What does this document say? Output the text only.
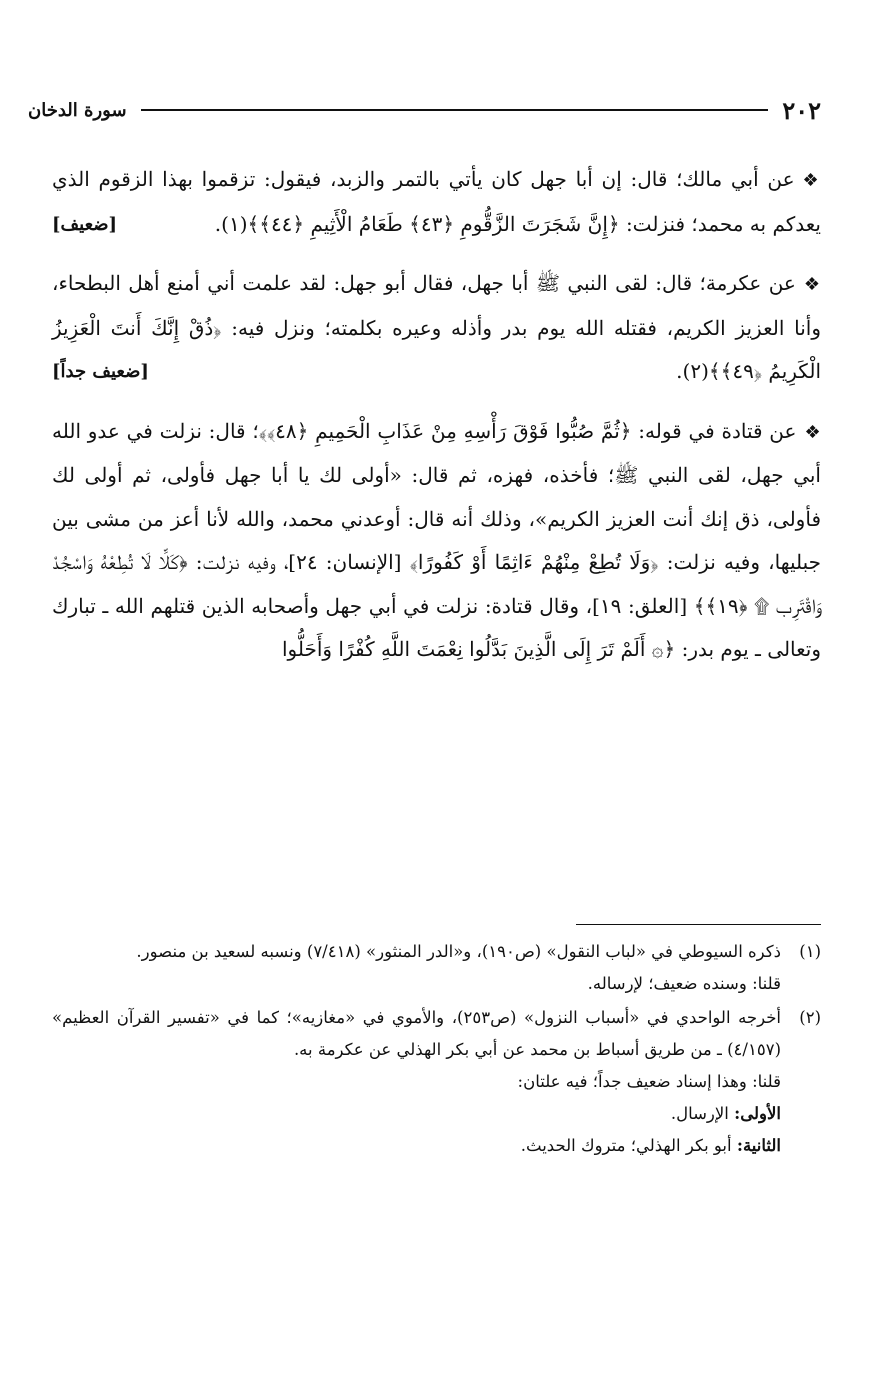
٢٠٢
سورة الدخان

❖عن أبي مالك؛ قال: إن أبا جهل كان يأتي بالتمر والزبد، فيقول: تزقموا بهذا الزقوم الذي يعدكم به محمد؛ فنزلت: ﴿إِنَّ شَجَرَتَ الزَّقُّومِ ﴿٤٣﴾ طَعَامُ الْأَثِيمِ ﴿٤٤﴾﴾(١).
[ضعيف]

❖عن عكرمة؛ قال: لقى النبي ﷺ أبا جهل، فقال أبو جهل: لقد علمت أني أمنع أهل البطحاء، وأنا العزيز الكريم، فقتله الله يوم بدر وأذله وعيره بكلمته؛ ونزل فيه: ﴿ذُقْ إِنَّكَ أَنتَ الْعَزِيزُ الْكَرِيمُ ﴿٤٩﴾﴾(٢).
[ضعيف جداً]

❖عن قتادة في قوله: ﴿ثُمَّ صُبُّوا فَوْقَ رَأْسِهِ مِنْ عَذَابِ الْحَمِيمِ ﴿٤٨﴾﴾؛ قال: نزلت في عدو الله أبي جهل، لقى النبي ﷺ؛ فأخذه، فهزه، ثم قال: «أولى لك يا أبا جهل فأولى، ثم أولى لك فأولى، ذق إنك أنت العزيز الكريم»، وذلك أنه قال: أوعدني محمد، والله لأنا أعز من مشى بين جبليها، وفيه نزلت: ﴿وَلَا تُطِعْ مِنْهُمْ ءَاثِمًا أَوْ كَفُورًا﴾ [الإنسان: ٢٤]، وفيه نزلت: ﴿كَلَّا لَا تُطِعْهُ وَاسْجُدْ وَاقْتَرِب ۩ ﴿١٩﴾﴾ [العلق: ١٩]، وقال قتادة: نزلت في أبي جهل وأصحابه الذين قتلهم الله ـ تبارك وتعالى ـ يوم بدر: ﴿۞ أَلَمْ تَرَ إِلَى الَّذِينَ بَدَّلُوا نِعْمَتَ اللَّهِ كُفْرًا وَأَحَلُّوا

(١)

ذكره السيوطي في «لباب النقول» (ص١٩٠)، و«الدر المنثور» (٧/٤١٨) ونسبه لسعيد بن منصور.

قلنا: وسنده ضعيف؛ لإرساله.

(٢)

أخرجه الواحدي في «أسباب النزول» (ص٢٥٣)، والأموي في «مغازيه»؛ كما في «تفسير القرآن العظيم» (٤/١٥٧) ـ من طريق أسباط بن محمد عن أبي بكر الهذلي عن عكرمة به.

قلنا: وهذا إسناد ضعيف جداً؛ فيه علتان:

الأولى: الإرسال.

الثانية: أبو بكر الهذلي؛ متروك الحديث.
